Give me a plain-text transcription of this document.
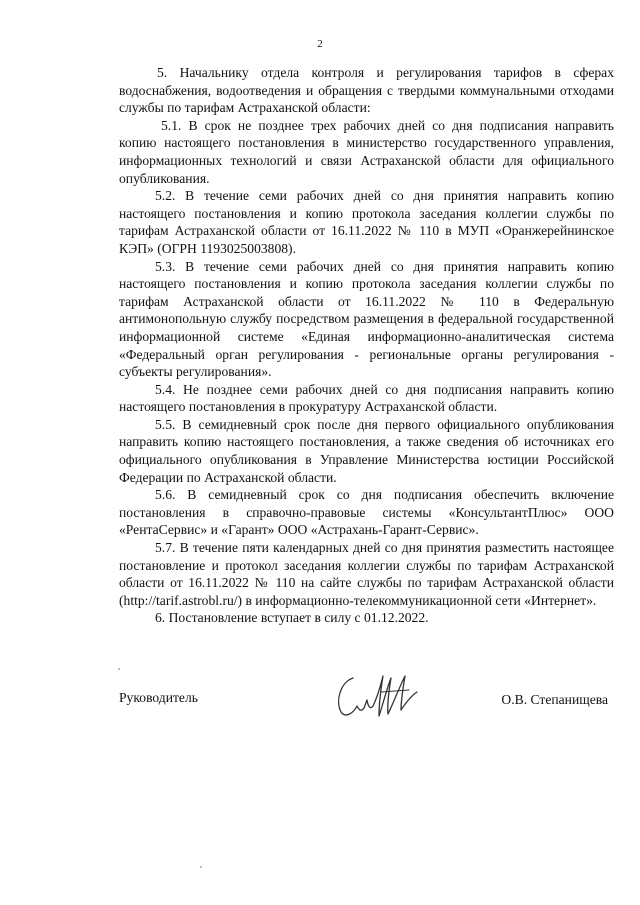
2

5. Начальнику отдела контроля и регулирования тарифов в сферах водоснабжения, водоотведения и обращения с твердыми коммунальными отходами службы по тарифам Астраханской области:

5.1. В срок не позднее трех рабочих дней со дня подписания направить копию настоящего постановления в министерство государственного управления, информационных технологий и связи Астраханской области для официального опубликования.

5.2. В течение семи рабочих дней со дня принятия направить копию настоящего постановления и копию протокола заседания коллегии службы по тарифам Астраханской области от 16.11.2022 № 110 в МУП «Оранжерейнинское КЭП» (ОГРН 1193025003808).

5.3. В течение семи рабочих дней со дня принятия направить копию настоящего постановления и копию протокола заседания коллегии службы по тарифам Астраханской области от 16.11.2022 № 110 в Федеральную антимонопольную службу посредством размещения в федеральной государственной информационной системе «Единая информационно-аналитическая система «Федеральный орган регулирования - региональные органы регулирования - субъекты регулирования».

5.4. Не позднее семи рабочих дней со дня подписания направить копию настоящего постановления в прокуратуру Астраханской области.

5.5. В семидневный срок после дня первого официального опубликования направить копию настоящего постановления, а также сведения об источниках его официального опубликования в Управление Министерства юстиции Российской Федерации по Астраханской области.

5.6. В семидневный срок со дня подписания обеспечить включение постановления в справочно-правовые системы «КонсультантПлюс» ООО «РентаСервис» и «Гарант» ООО «Астрахань-Гарант-Сервис».

5.7. В течение пяти календарных дней со дня принятия разместить настоящее постановление и протокол заседания коллегии службы по тарифам Астраханской области от 16.11.2022 № 110 на сайте службы по тарифам Астраханской области (http://tarif.astrobl.ru/) в информационно-телекоммуникационной сети «Интернет».

6. Постановление вступает в силу с 01.12.2022.

Руководитель	О.В. Степанищева
